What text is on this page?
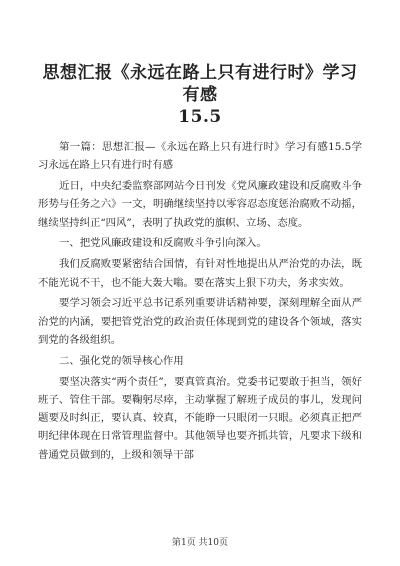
思想汇报《永远在路上只有进行时》学习有感
15.5

第一篇：思想汇报—《永远在路上只有进行时》学习有感15.5学习永远在路上只有进行时有感

近日，中央纪委监察部网站今日刊发《党风廉政建设和反腐败斗争形势与任务之六》一文，明确继续坚持以零容忍态度惩治腐败不动摇，继续坚持纠正“四风”，表明了执政党的旗帜、立场、态度。

一、把党风廉政建设和反腐败斗争引向深入。

我们反腐败要紧密结合国情，有针对性地提出从严治党的办法，既不能光说不干，也不能大轰大嗡。要在落实上狠下功夫，务求实效。

要学习领会习近平总书记系列重要讲话精神要，深刻理解全面从严治党的内涵，要把管党治党的政治责任体现到党的建设各个领域，落实到党的各级组织。

二、强化党的领导核心作用

要坚决落实“两个责任”，要真管真治。党委书记要敢于担当，领好班子、管住干部。要鞠躬尽瘁，主动掌握了解班子成员的事儿，发现问题要及时纠正，要认真、较真，不能睁一只眼闭一只眼。必须真正把严明纪律体现在日常管理监督中。其他领导也要齐抓共管，凡要求下级和普通党员做到的，上级和领导干部

第1页 共10页
